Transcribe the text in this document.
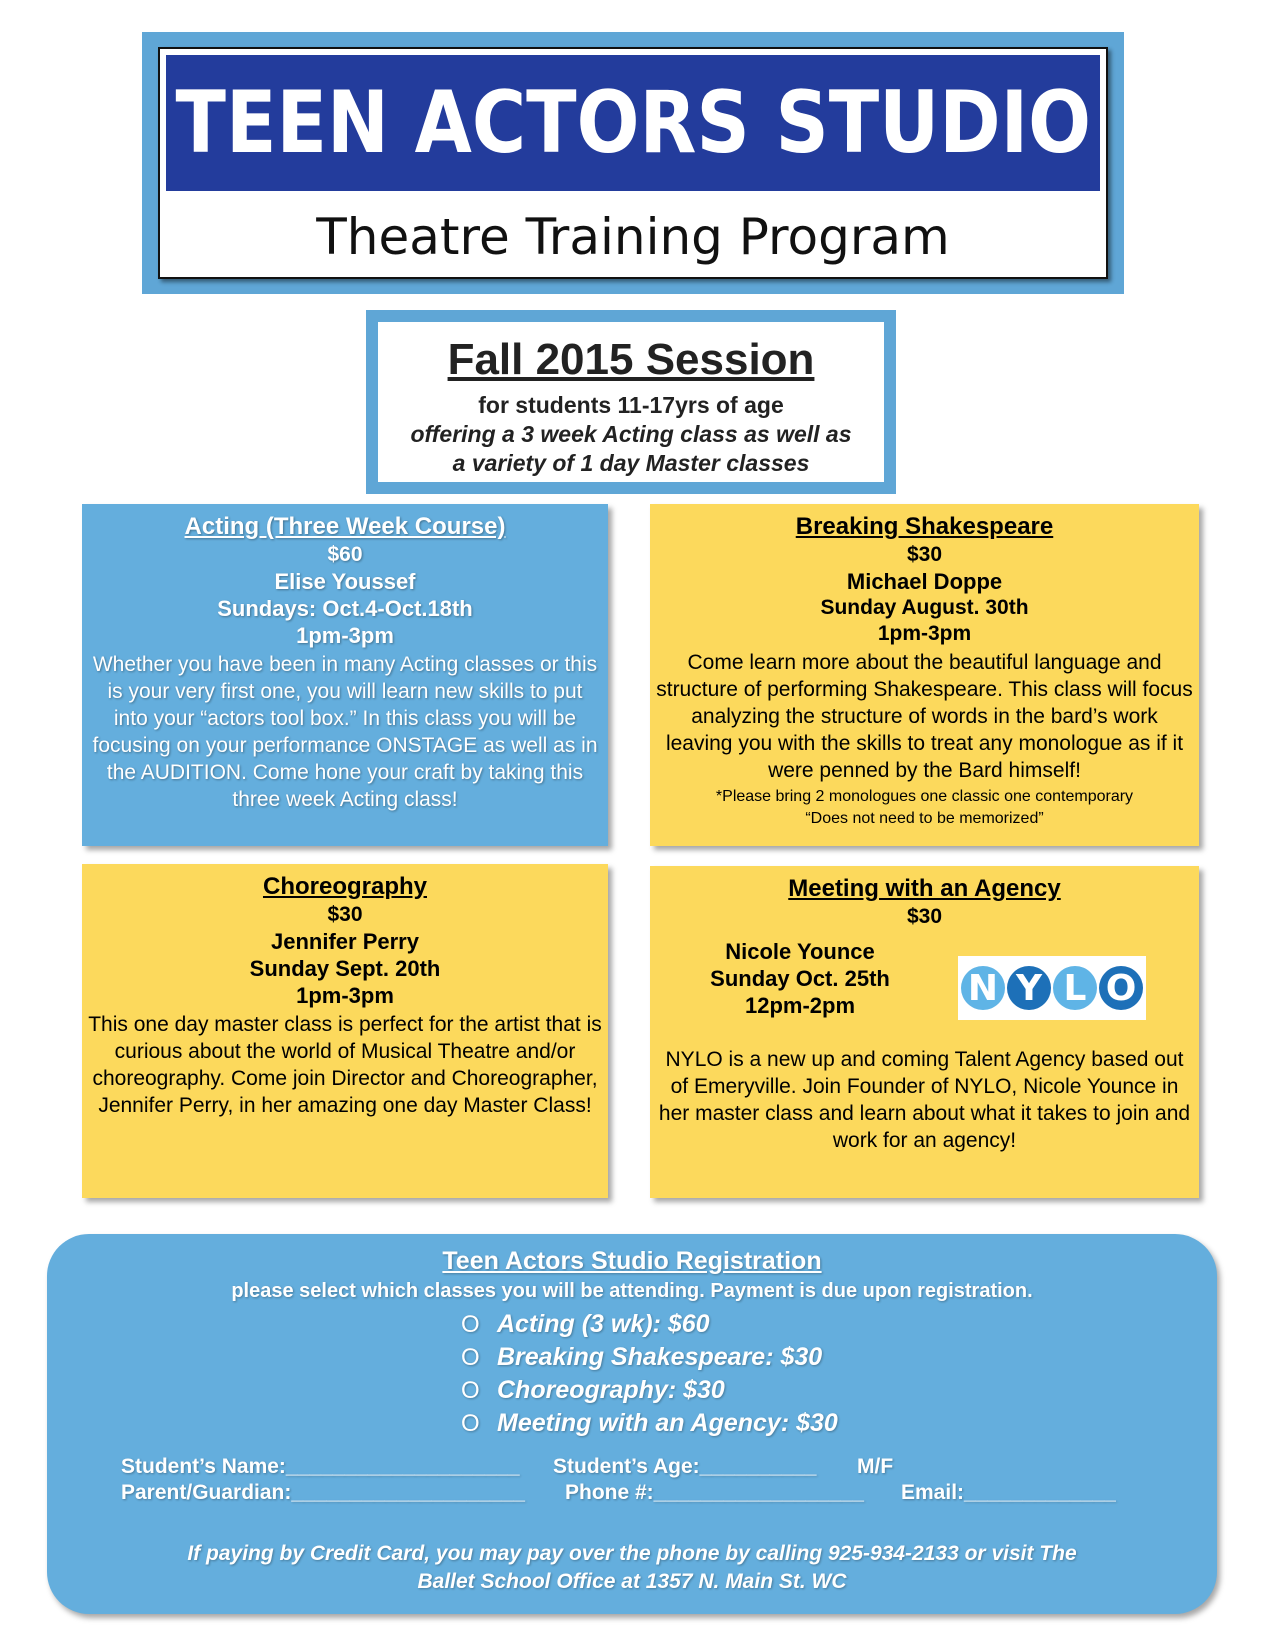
TEEN ACTORS STUDIO
Theatre Training Program
Fall 2015 Session
for students 11-17yrs of age
offering a 3 week Acting class as well as
a variety of 1 day Master classes
Acting (Three Week Course)
$60
Elise Youssef
Sundays: Oct.4-Oct.18th
1pm-3pm
Whether you have been in many Acting classes or this is your very first one, you will learn new skills to put into your “actors tool box.” In this class you will be focusing on your performance ONSTAGE as well as in the AUDITION. Come hone your craft by taking this three week Acting class!
Breaking Shakespeare
$30
Michael Doppe
Sunday August. 30th
1pm-3pm
Come learn more about the beautiful language and structure of performing Shakespeare. This class will focus analyzing the structure of words in the bard’s work leaving you with the skills to treat any monologue as if it were penned by the Bard himself!
*Please bring 2 monologues one classic one contemporary
“Does not need to be memorized”
Choreography
$30
Jennifer Perry
Sunday Sept. 20th
1pm-3pm
This one day master class is perfect for the artist that is curious about the world of Musical Theatre and/or choreography. Come join Director and Choreographer, Jennifer Perry, in her amazing one day Master Class!
Meeting with an Agency
$30
Nicole Younce
Sunday Oct. 25th
12pm-2pm	N Y L O
NYLO is a new up and coming Talent Agency based out of Emeryville. Join Founder of NYLO, Nicole Younce in her master class and learn about what it takes to join and work for an agency!
Teen Actors Studio Registration
please select which classes you will be attending. Payment is due upon registration.
O Acting (3 wk): $60
O Breaking Shakespeare: $30
O Choreography: $30
O Meeting with an Agency: $30
Student’s Name:____________________ Student’s Age:__________ M/F
Parent/Guardian:____________________ Phone #:__________________ Email:_____________
If paying by Credit Card, you may pay over the phone by calling 925-934-2133 or visit The
Ballet School Office at 1357 N. Main St. WC
